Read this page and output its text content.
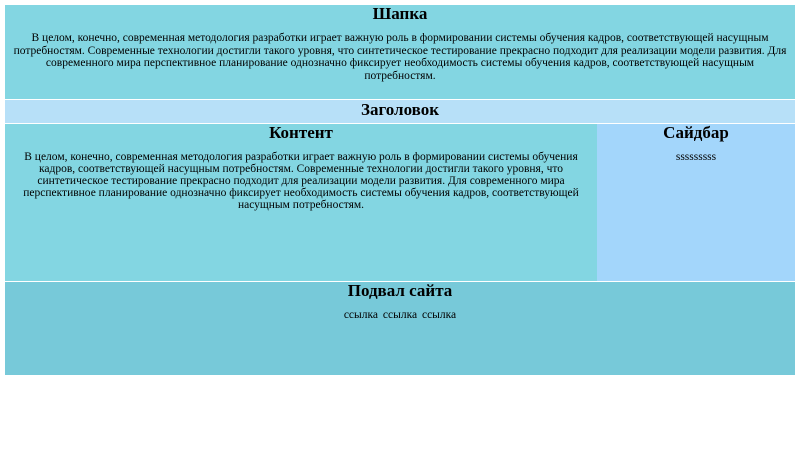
Шапка

В целом, конечно, современная методология разработки играет важную роль в формировании системы обучения кадров, соответствующей насущным потребностям. Современные технологии достигли такого уровня, что синтетическое тестирование прекрасно подходит для реализации модели развития. Для современного мира перспективное планирование однозначно фиксирует необходимость системы обучения кадров, соответствующей насущным потребностям.

Заголовок
Контент

В целом, конечно, современная методология разработки играет важную роль в формировании системы обучения кадров, соответствующей насущным потребностям. Современные технологии достигли такого уровня, что синтетическое тестирование прекрасно подходит для реализации модели развития. Для современного мира перспективное планирование однозначно фиксирует необходимость системы обучения кадров, соответствующей насущным потребностям.

Сайдбар

sssssssss

Подвал сайта
ссылка ссылка ссылка
